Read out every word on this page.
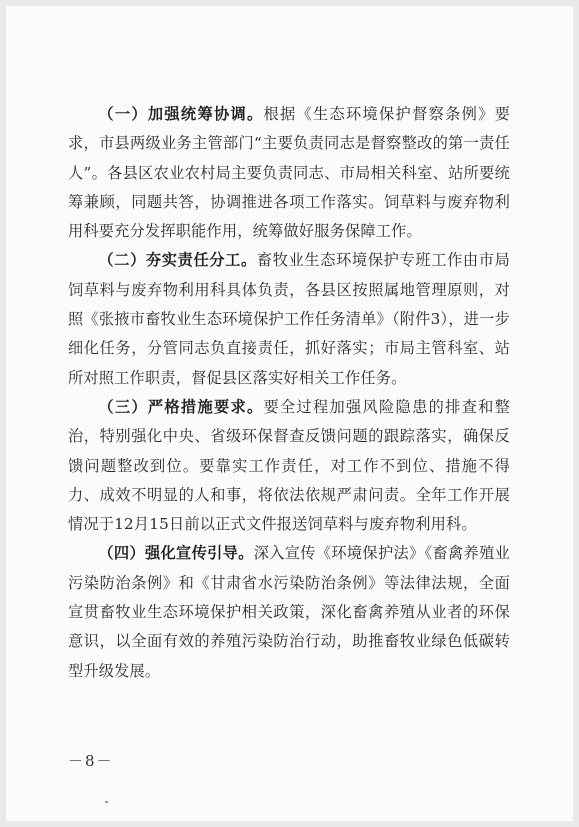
（一）加强统筹协调。根据《生态环境保护督察条例》要求，市县两级业务主管部门“主要负责同志是督察整改的第一责任人”。各县区农业农村局主要负责同志、市局相关科室、站所要统筹兼顾，同题共答，协调推进各项工作落实。饲草料与废弃物利用科要充分发挥职能作用，统筹做好服务保障工作。

（二）夯实责任分工。畜牧业生态环境保护专班工作由市局饲草料与废弃物利用科具体负责，各县区按照属地管理原则，对照《张掖市畜牧业生态环境保护工作任务清单》（附件3），进一步细化任务，分管同志负直接责任，抓好落实；市局主管科室、站所对照工作职责，督促县区落实好相关工作任务。

（三）严格措施要求。要全过程加强风险隐患的排查和整治，特别强化中央、省级环保督查反馈问题的跟踪落实，确保反馈问题整改到位。要靠实工作责任，对工作不到位、措施不得力、成效不明显的人和事，将依法依规严肃问责。全年工作开展情况于12月15日前以正式文件报送饲草料与废弃物利用科。

（四）强化宣传引导。深入宣传《环境保护法》《畜禽养殖业污染防治条例》和《甘肃省水污染防治条例》等法律法规，全面宣贯畜牧业生态环境保护相关政策，深化畜禽养殖从业者的环保意识，以全面有效的养殖污染防治行动，助推畜牧业绿色低碳转型升级发展。

－8－
